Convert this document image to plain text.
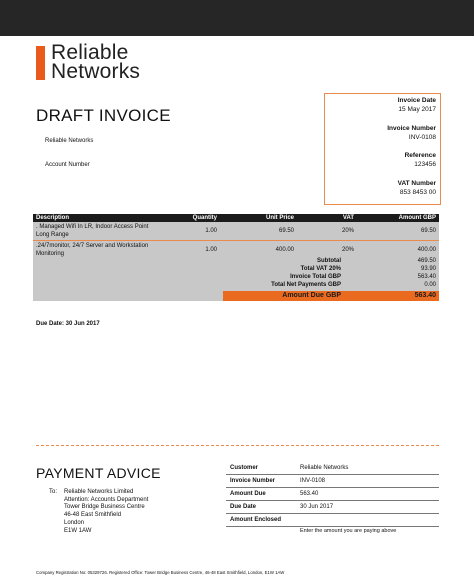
Reliable
Networks
DRAFT INVOICE
Reliable Networks
Account Number
Invoice Date
15 May 2017
Invoice Number
INV-0108
Reference
123456
VAT Number
853 8453 00
Description	Quantity	Unit Price	VAT	Amount GBP
. Managed Wifi In LR, Indoor Access Point Long Range	1.00	69.50	20%	69.50
.24/7monitor, 24/7 Server and Workstation Monitoring	1.00	400.00	20%	400.00
Subtotal	469.50
Total VAT 20%	93.90
Invoice Total GBP	563.40
Total Net Payments GBP	0.00
Amount Due GBP	563.40
Due Date: 30 Jun 2017
PAYMENT ADVICE
To: Reliable Networks Limited
Attention: Accounts Department
Tower Bridge Business Centre
46-48 East Smithfield
London
E1W 1AW
Customer	Reliable Networks
Invoice Number	INV-0108
Amount Due	563.40
Due Date	30 Jun 2017
Amount Enclosed
Enter the amount you are paying above
Company Registration No: 05329726. Registered Office: Tower Bridge Business Centre, 46-48 East Smithfield, London, E1W 1AW
